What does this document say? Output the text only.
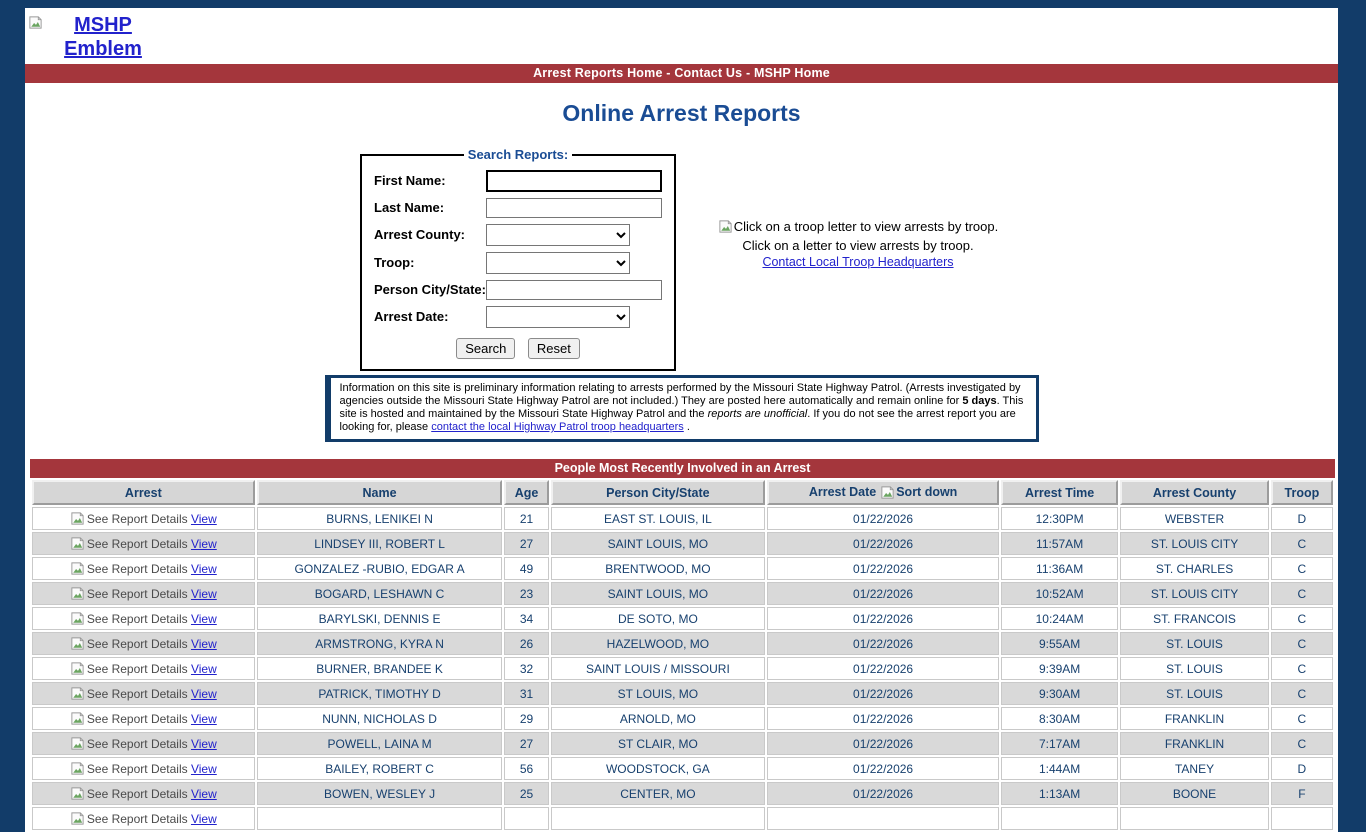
MSHP Emblem
Arrest Reports Home - Contact Us - MSHP Home
Online Arrest Reports
Search Reports:
First Name:
Last Name:
Arrest County:
Troop:
Person City/State:
Arrest Date:
Search Reset
Click on a troop letter to view arrests by troop.
Click on a letter to view arrests by troop.
Contact Local Troop Headquarters
Information on this site is preliminary information relating to arrests performed by the Missouri State Highway Patrol. (Arrests investigated by agencies outside the Missouri State Highway Patrol are not included.) They are posted here automatically and remain online for 5 days. This site is hosted and maintained by the Missouri State Highway Patrol and the reports are unofficial. If you do not see the arrest report you are looking for, please contact the local Highway Patrol troop headquarters .
People Most Recently Involved in an Arrest
Arrest	Name	Age	Person City/State	Arrest Date Sort down	Arrest Time	Arrest County	Troop
See Report Details View	BURNS, LENIKEI N	21	EAST ST. LOUIS, IL	01/22/2026	12:30PM	WEBSTER	D
See Report Details View	LINDSEY III, ROBERT L	27	SAINT LOUIS, MO	01/22/2026	11:57AM	ST. LOUIS CITY	C
See Report Details View	GONZALEZ -RUBIO, EDGAR A	49	BRENTWOOD, MO	01/22/2026	11:36AM	ST. CHARLES	C
See Report Details View	BOGARD, LESHAWN C	23	SAINT LOUIS, MO	01/22/2026	10:52AM	ST. LOUIS CITY	C
See Report Details View	BARYLSKI, DENNIS E	34	DE SOTO, MO	01/22/2026	10:24AM	ST. FRANCOIS	C
See Report Details View	ARMSTRONG, KYRA N	26	HAZELWOOD, MO	01/22/2026	9:55AM	ST. LOUIS	C
See Report Details View	BURNER, BRANDEE K	32	SAINT LOUIS / MISSOURI	01/22/2026	9:39AM	ST. LOUIS	C
See Report Details View	PATRICK, TIMOTHY D	31	ST LOUIS, MO	01/22/2026	9:30AM	ST. LOUIS	C
See Report Details View	NUNN, NICHOLAS D	29	ARNOLD, MO	01/22/2026	8:30AM	FRANKLIN	C
See Report Details View	POWELL, LAINA M	27	ST CLAIR, MO	01/22/2026	7:17AM	FRANKLIN	C
See Report Details View	BAILEY, ROBERT C	56	WOODSTOCK, GA	01/22/2026	1:44AM	TANEY	D
See Report Details View	BOWEN, WESLEY J	25	CENTER, MO	01/22/2026	1:13AM	BOONE	F
See Report Details View							
